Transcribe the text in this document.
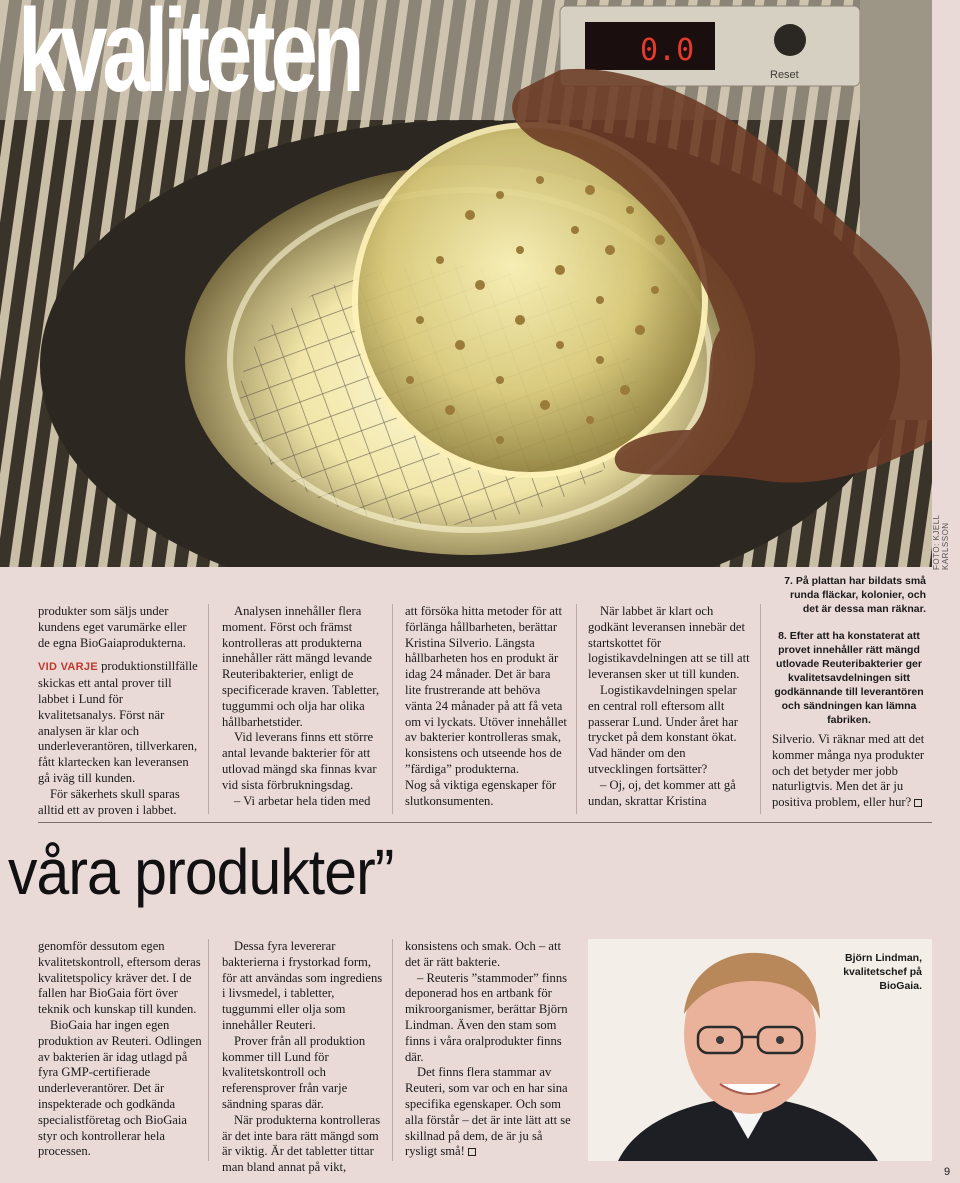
0.0
Reset
kvaliteten
FOTO: KJELL KARLSSON

produkter som säljs under kundens eget varumärke eller de egna BioGaiaprodukterna.

VID VARJE produktionstillfälle skickas ett antal prover till labbet i Lund för kvalitetsanalys. Först när analysen är klar och underleverantören, tillverkaren, fått klartecken kan leveransen gå iväg till kunden.

För säkerhets skull sparas alltid ett av proven i labbet.

Analysen innehåller flera moment. Först och främst kontrolleras att produkterna innehåller rätt mängd levande Reuteribakterier, enligt de specificerade kraven. Tabletter, tuggummi och olja har olika hållbarhetstider.

Vid leverans finns ett större antal levande bakterier för att utlovad mängd ska finnas kvar vid sista förbrukningsdag.

– Vi arbetar hela tiden med

att försöka hitta metoder för att förlänga hållbarheten, berättar Kristina Silverio. Längsta hållbarheten hos en produkt är idag 24 månader. Det är bara lite frustrerande att behöva vänta 24 månader på att få veta om vi lyckats. Utöver innehållet av bakterier kontrolleras smak, konsistens och utseende hos de ”färdiga” produkterna.

Nog så viktiga egenskaper för slutkonsumenten.

När labbet är klart och godkänt leveransen innebär det startskottet för logistikavdelningen att se till att leveransen sker ut till kunden.

Logistikavdelningen spelar en central roll eftersom allt passerar Lund. Under året har trycket på dem konstant ökat. Vad händer om den utvecklingen fortsätter?

– Oj, oj, det kommer att gå undan, skrattar Kristina

7. På plattan har bildats små runda fläckar, kolonier, och det är dessa man räknar.
8. Efter att ha konstaterat att provet innehåller rätt mängd utlovade Reuteribakterier ger kvalitetsavdelningen sitt godkännande till leverantören och sändningen kan lämna fabriken.

Silverio. Vi räknar med att det kommer många nya produkter och det betyder mer jobb naturligtvis. Men det är ju positiva problem, eller hur?

våra produkter”

genomför dessutom egen kvalitetskontroll, eftersom deras kvalitetspolicy kräver det. I de fallen har BioGaia fört över teknik och kunskap till kunden.

BioGaia har ingen egen produktion av Reuteri. Odlingen av bakterien är idag utlagd på fyra GMP-certifierade underleverantörer. Det är inspekterade och godkända specialistföretag och BioGaia styr och kontrollerar hela processen.

Dessa fyra levererar bakterierna i frystorkad form, för att användas som ingrediens i livsmedel, i tabletter, tuggummi eller olja som innehåller Reuteri.

Prover från all produktion kommer till Lund för kvalitetskontroll och referensprover från varje sändning sparas där.

När produkterna kontrolleras är det inte bara rätt mängd som är viktig. Är det tabletter tittar man bland annat på vikt,

konsistens och smak. Och – att det är rätt bakterie.

– Reuteris ”stammoder” finns deponerad hos en artbank för mikroorganismer, berättar Björn Lindman. Även den stam som finns i våra oralprodukter finns där.

Det finns flera stammar av Reuteri, som var och en har sina specifika egenskaper. Och som alla förstår – det är inte lätt att se skillnad på dem, de är ju så rysligt små!

Björn Lindman, kvalitetschef på BioGaia.
9
